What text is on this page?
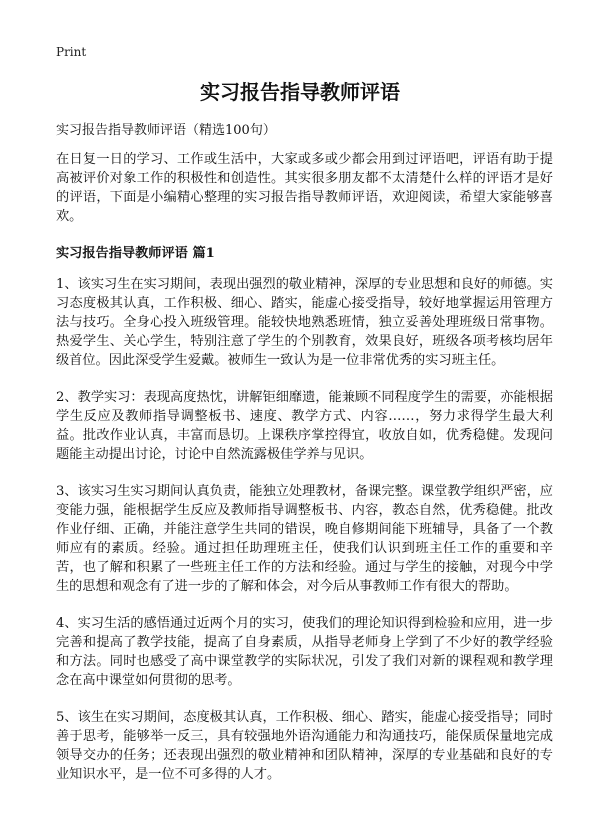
Print
实习报告指导教师评语

实习报告指导教师评语（精选100句）

在日复一日的学习、工作或生活中，大家或多或少都会用到过评语吧，评语有助于提高被评价对象工作的积极性和创造性。其实很多朋友都不太清楚什么样的评语才是好的评语，下面是小编精心整理的实习报告指导教师评语，欢迎阅读，希望大家能够喜欢。

实习报告指导教师评语 篇1

1、该实习生在实习期间，表现出强烈的敬业精神，深厚的专业思想和良好的师德。实习态度极其认真，工作积极、细心、踏实，能虚心接受指导，较好地掌握运用管理方法与技巧。全身心投入班级管理。能较快地熟悉班情，独立妥善处理班级日常事物。热爱学生、关心学生，特别注意了学生的个别教育，效果良好，班级各项考核均居年级首位。因此深受学生爱戴。被师生一致认为是一位非常优秀的实习班主任。

2、教学实习：表现高度热忱，讲解钜细靡遗，能兼顾不同程度学生的需要，亦能根据学生反应及教师指导调整板书、速度、教学方式、内容……，努力求得学生最大利益。批改作业认真，丰富而恳切。上课秩序掌控得宜，收放自如，优秀稳健。发现问题能主动提出讨论，讨论中自然流露极佳学养与见识。

3、该实习生实习期间认真负责，能独立处理教材，备课完整。课堂教学组织严密，应变能力强，能根据学生反应及教师指导调整板书、内容，教态自然，优秀稳健。批改作业仔细、正确，并能注意学生共同的错误，晚自修期间能下班辅导，具备了一个教师应有的素质。经验。通过担任助理班主任，使我们认识到班主任工作的重要和辛苦，也了解和积累了一些班主任工作的方法和经验。通过与学生的接触，对现今中学生的思想和观念有了进一步的了解和体会，对今后从事教师工作有很大的帮助。

4、实习生活的感悟通过近两个月的实习，使我们的理论知识得到检验和应用，进一步完善和提高了教学技能，提高了自身素质，从指导老师身上学到了不少好的教学经验和方法。同时也感受了高中课堂教学的实际状况，引发了我们对新的课程观和教学理念在高中课堂如何贯彻的思考。

5、该生在实习期间，态度极其认真，工作积极、细心、踏实，能虚心接受指导；同时善于思考，能够举一反三，具有较强地外语沟通能力和沟通技巧，能保质保量地完成领导交办的任务；还表现出强烈的敬业精神和团队精神，深厚的专业基础和良好的专业知识水平，是一位不可多得的人才。
